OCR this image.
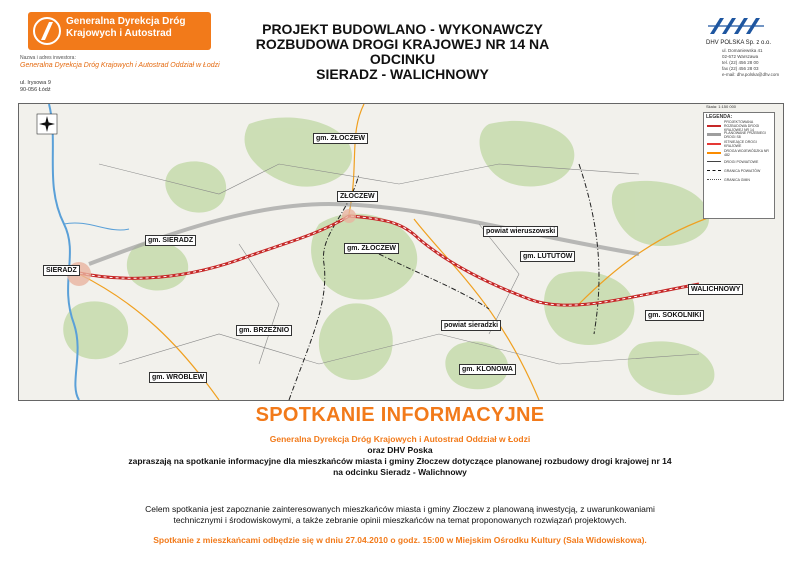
Generalna Dyrekcja Dróg Krajowych i Autostrad
Nazwa i adres inwestora:
Generalna Dyrekcja Dróg Krajowych i Autostrad Oddział w Łodzi
ul. Irysowa 9
90-056 Łódź
PROJEKT BUDOWLANO - WYKONAWCZY
ROZBUDOWA DROGI KRAJOWEJ NR 14 NA ODCINKU
SIERADZ - WALICHNOWY
DHV POLSKA Sp. z o.o.
ul. Domaniewska 41
02-672 Warszawa
tel. (22) 456 28 00
fax (22) 456 28 03
e-mail: dhv.polska@dhv.com
Skala: 1:150 000
LEGENDA:
PROJEKTOWANA ROZBUDOWA DROGI KRAJOWEJ NR 14
PLANOWANE PRZEBIEGI DROGI S8
ISTNIEJĄCE DROGI KRAJOWE
DROGA WOJEWÓDZKA NR 482
DROGI POWIATOWE
GRANICA POWIATÓW
GRANICA GMIN
gm. ZŁOCZEW
ZŁOCZEW
gm. SIERADZ
SIERADZ
gm. ZŁOCZEW
powiat wieruszowski
gm. LUTUTÓW
WALICHNOWY
gm. SOKOLNIKI
gm. BRZEŹNIO
powiat sieradzki
gm. KLONOWA
gm. WRÓBLEW
SPOTKANIE INFORMACYJNE
Generalna Dyrekcja Dróg Krajowych i Autostrad Oddział w Łodzi
oraz DHV Poska
zapraszają na spotkanie informacyjne dla mieszkańców miasta i gminy Złoczew dotyczące planowanej rozbudowy drogi krajowej nr 14
na odcinku Sieradz - Walichnowy
Celem spotkania jest zapoznanie zainteresowanych mieszkańców miasta i gminy Złoczew z planowaną inwestycją, z uwarunkowaniami
technicznymi i środowiskowymi, a także zebranie opinii mieszkańców na temat proponowanych rozwiązań projektowych.
Spotkanie z mieszkańcami odbędzie się w dniu 27.04.2010 o godz. 15:00 w Miejskim Ośrodku Kultury (Sala Widowiskowa).
